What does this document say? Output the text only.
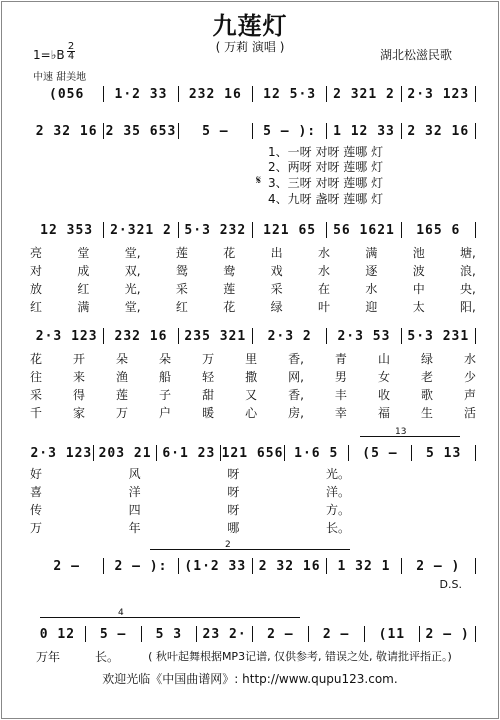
九莲灯
( 万莉 演唱 )
湖北松滋民歌
1=♭B
2
4
中速 甜美地
(056	1·2 33	232 16	12 5·3	2 321 2 2·3 123
2 32 16 2 35 653	5 –	5 – ):	1 12 33 2 32 16
12 353	2·321 2 5·3 232	121 65	56 1621	165 6
2·3 123	232 16	235 321	2·3 2	2·3 53	5·3 231
2·3 123 203 21 6·1 23 121 656 1·6 5	(5 –	5 13
2 –	2 – ):	(1·2 33 2 32 16	1 32 1	2 – )
0 12	5 –	5 3	23 2·	2 –	2 –	(11	2 – )
1、一呀 对呀 莲哪 灯
2、两呀 对呀 莲哪 灯
3、三呀 对呀 莲哪 灯
4、九呀 盏呀 莲哪 灯
𝄋
亮	堂	堂,	莲	花	出	水	满	池	塘,
对	成	双,	鸳	鸯	戏	水	逐	波	浪,
放	红	光,	采	莲	采	在	水	中	央,
红	满	堂,	红	花	绿	叶	迎	太	阳,
花	开	朵	朵	万	里	香,	青	山	绿	水
往	来	渔	船	轻	撒	网,	男	女	老	少
采	得	莲	子	甜	又	香,	丰	收	歌	声
千	家	万	户	暖	心	房,	幸	福	生	活
好	风	呀	光。
喜	洋	呀	洋。
传	四	呀	方。
万	年	哪	长。
13
2
4
D.S.
万年	长。	( 秋叶起舞根据MP3记谱, 仅供参考, 错误之处, 敬请批评指正。)
欢迎光临《中国曲谱网》: http://www.qupu123.com.
